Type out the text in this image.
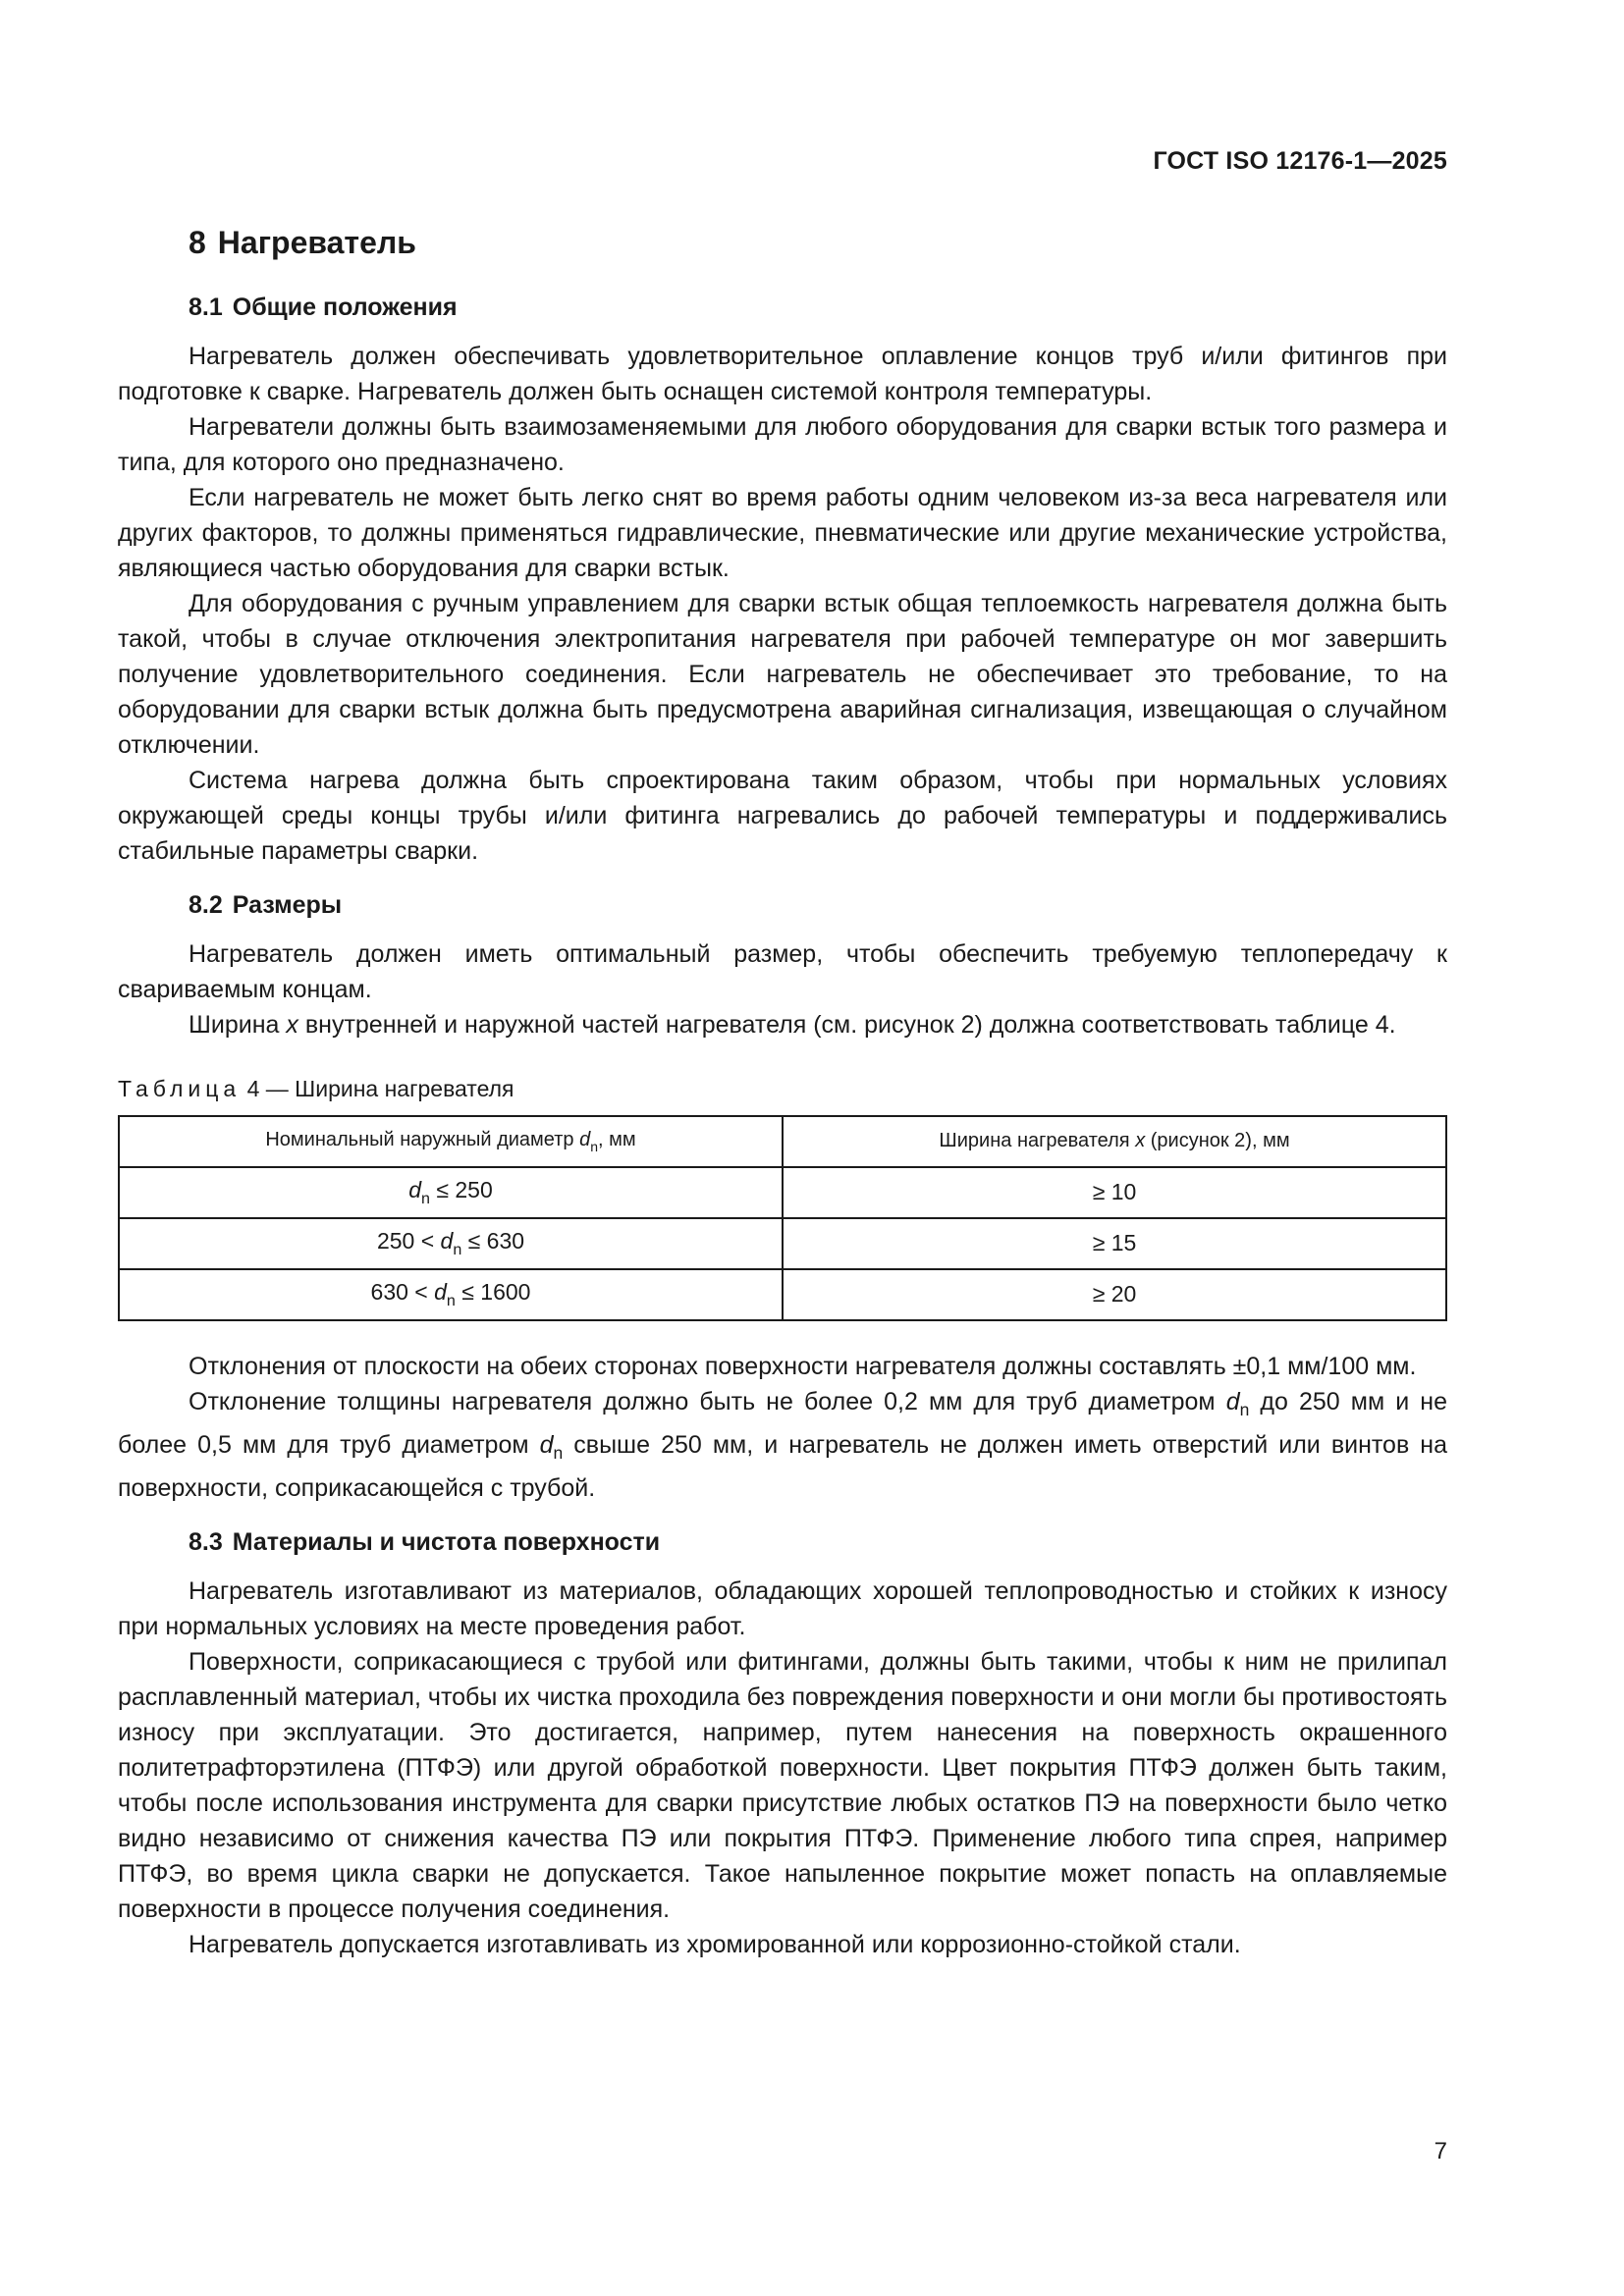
ГОСТ ISO 12176-1—2025
8 Нагреватель
8.1 Общие положения

Нагреватель должен обеспечивать удовлетворительное оплавление концов труб и/или фитингов при подготовке к сварке. Нагреватель должен быть оснащен системой контроля температуры.

Нагреватели должны быть взаимозаменяемыми для любого оборудования для сварки встык того размера и типа, для которого оно предназначено.

Если нагреватель не может быть легко снят во время работы одним человеком из-за веса нагревателя или других факторов, то должны применяться гидравлические, пневматические или другие механические устройства, являющиеся частью оборудования для сварки встык.

Для оборудования с ручным управлением для сварки встык общая теплоемкость нагревателя должна быть такой, чтобы в случае отключения электропитания нагревателя при рабочей температуре он мог завершить получение удовлетворительного соединения. Если нагреватель не обеспечивает это требование, то на оборудовании для сварки встык должна быть предусмотрена аварийная сигнализация, извещающая о случайном отключении.

Система нагрева должна быть спроектирована таким образом, чтобы при нормальных условиях окружающей среды концы трубы и/или фитинга нагревались до рабочей температуры и поддерживались стабильные параметры сварки.

8.2 Размеры

Нагреватель должен иметь оптимальный размер, чтобы обеспечить требуемую теплопередачу к свариваемым концам.

Ширина x внутренней и наружной частей нагревателя (см. рисунок 2) должна соответствовать таблице 4.

Таблица 4 — Ширина нагревателя
Номинальный наружный диаметр $d_n$, мм	Ширина нагревателя x (рисунок 2), мм
$d_n \le 250$	≥ 10
$250 < d_n \le 630$	≥ 15
$630 < d_n \le 1600$	≥ 20

Отклонения от плоскости на обеих сторонах поверхности нагревателя должны составлять ±0,1 мм/100 мм.

Отклонение толщины нагревателя должно быть не более 0,2 мм для труб диаметром $d_n$ до 250 мм и не более 0,5 мм для труб диаметром $d_n$ свыше 250 мм, и нагреватель не должен иметь отверстий или винтов на поверхности, соприкасающейся с трубой.

8.3 Материалы и чистота поверхности

Нагреватель изготавливают из материалов, обладающих хорошей теплопроводностью и стойких к износу при нормальных условиях на месте проведения работ.

Поверхности, соприкасающиеся с трубой или фитингами, должны быть такими, чтобы к ним не прилипал расплавленный материал, чтобы их чистка проходила без повреждения поверхности и они могли бы противостоять износу при эксплуатации. Это достигается, например, путем нанесения на поверхность окрашенного политетрафторэтилена (ПТФЭ) или другой обработкой поверхности. Цвет покрытия ПТФЭ должен быть таким, чтобы после использования инструмента для сварки присутствие любых остатков ПЭ на поверхности было четко видно независимо от снижения качества ПЭ или покрытия ПТФЭ. Применение любого типа спрея, например ПТФЭ, во время цикла сварки не допускается. Такое напыленное покрытие может попасть на оплавляемые поверхности в процессе получения соединения.

Нагреватель допускается изготавливать из хромированной или коррозионно-стойкой стали.

7
